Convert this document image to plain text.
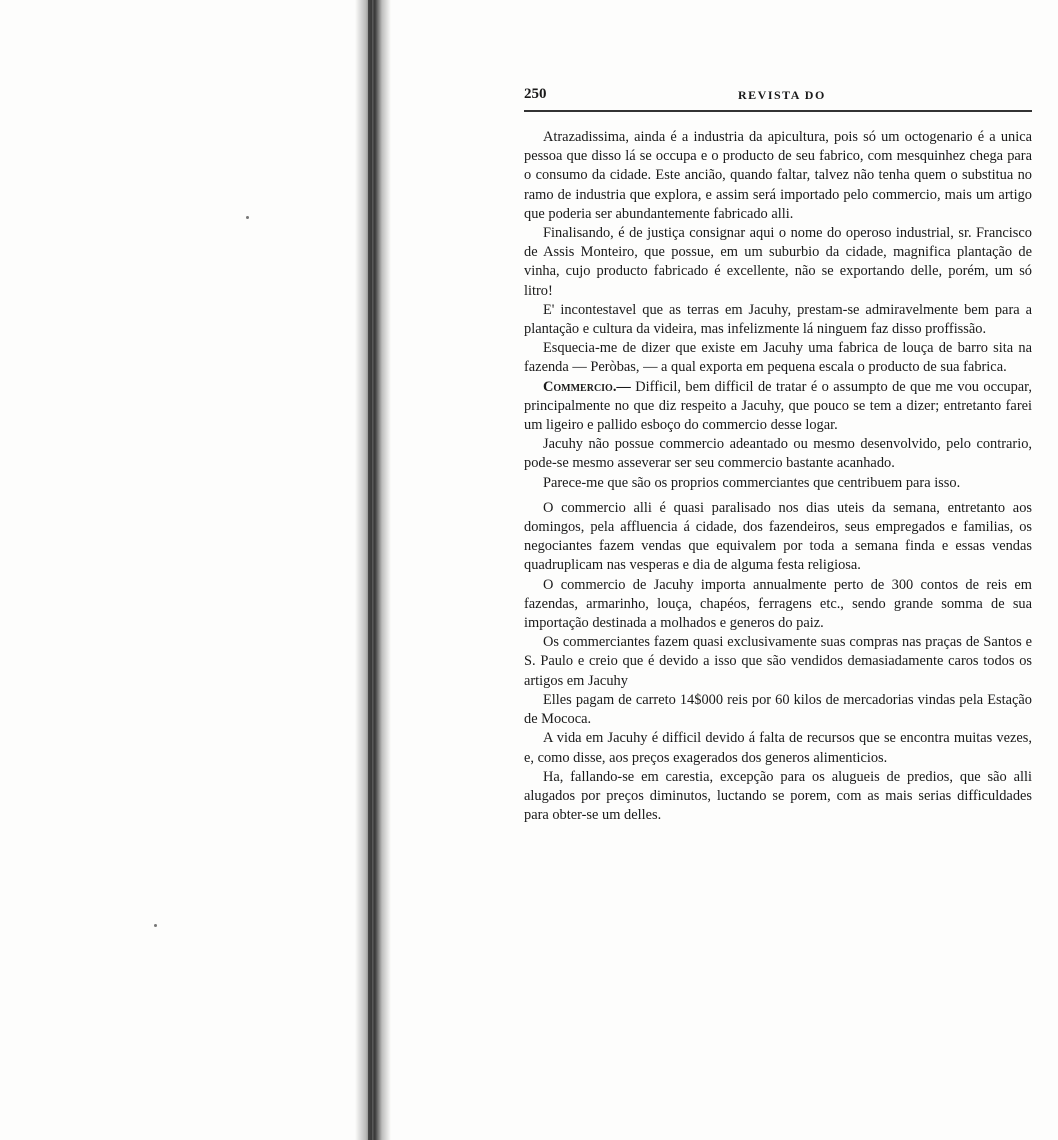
250	REVISTA DO

Atrazadissima, ainda é a industria da apicultura, pois só um octogenario é a unica pessoa que disso lá se occupa e o producto de seu fabrico, com mesquinhez chega para o consumo da cidade. Este ancião, quando faltar, talvez não tenha quem o substitua no ramo de industria que explora, e assim será importado pelo commercio, mais um artigo que poderia ser abundantemente fabricado alli.

Finalisando, é de justiça consignar aqui o nome do operoso industrial, sr. Francisco de Assis Monteiro, que possue, em um suburbio da cidade, magnifica plantação de vinha, cujo producto fabricado é excellente, não se exportando delle, porém, um só litro!

E' incontestavel que as terras em Jacuhy, prestam-se admiravelmente bem para a plantação e cultura da videira, mas infelizmente lá ninguem faz disso proffissão.

Esquecia-me de dizer que existe em Jacuhy uma fabrica de louça de barro sita na fazenda — Peròbas, — a qual exporta em pequena escala o producto de sua fabrica.

Commercio.— Difficil, bem difficil de tratar é o assumpto de que me vou occupar, principalmente no que diz respeito a Jacuhy, que pouco se tem a dizer; entretanto farei um ligeiro e pallido esboço do commercio desse logar.

Jacuhy não possue commercio adeantado ou mesmo desenvolvido, pelo contrario, pode-se mesmo asseverar ser seu commercio bastante acanhado.

Parece-me que são os proprios commerciantes que centribuem para isso.

O commercio alli é quasi paralisado nos dias uteis da semana, entretanto aos domingos, pela affluencia á cidade, dos fazendeiros, seus empregados e familias, os negociantes fazem vendas que equivalem por toda a semana finda e essas vendas quadruplicam nas vesperas e dia de alguma festa religiosa.

O commercio de Jacuhy importa annualmente perto de 300 contos de reis em fazendas, armarinho, louça, chapéos, ferragens etc., sendo grande somma de sua importação destinada a molhados e generos do paiz.

Os commerciantes fazem quasi exclusivamente suas compras nas praças de Santos e S. Paulo e creio que é devido a isso que são vendidos demasiadamente caros todos os artigos em Jacuhy

Elles pagam de carreto 14$000 reis por 60 kilos de mercadorias vindas pela Estação de Mococa.

A vida em Jacuhy é difficil devido á falta de recursos que se encontra muitas vezes, e, como disse, aos preços exagerados dos generos alimenticios.

Ha, fallando-se em carestia, excepção para os alugueis de predios, que são alli alugados por preços diminutos, luctando se porem, com as mais serias difficuldades para obter-se um delles.
